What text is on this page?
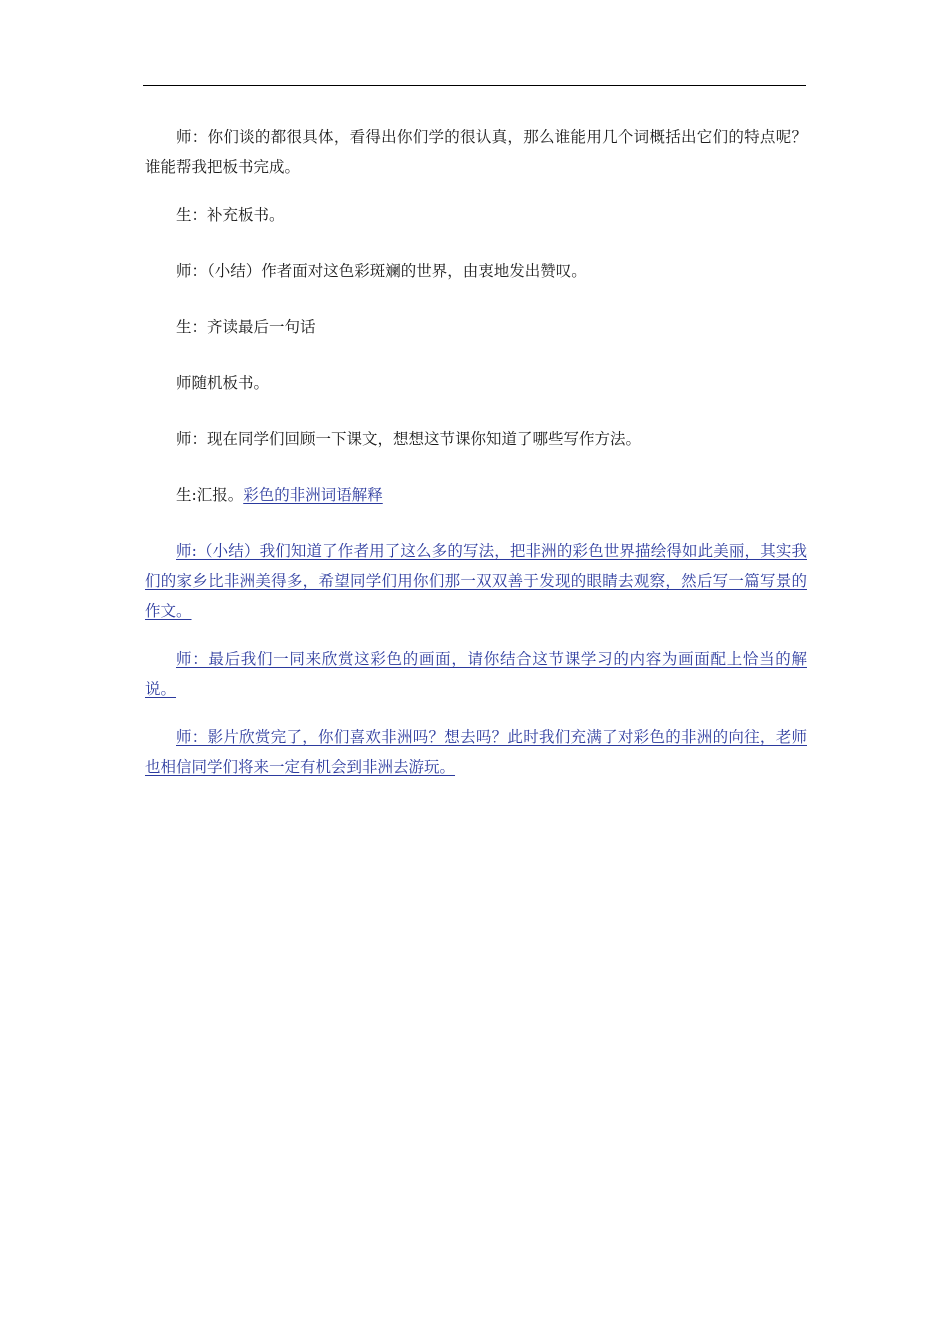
师：你们谈的都很具体，看得出你们学的很认真，那么谁能用几个词概括出它们的特点呢？谁能帮我把板书完成。

生：补充板书。

师：（小结）作者面对这色彩斑斓的世界，由衷地发出赞叹。

生：齐读最后一句话

师随机板书。

师：现在同学们回顾一下课文，想想这节课你知道了哪些写作方法。

生:汇报。彩色的非洲词语解释

师:（小结）我们知道了作者用了这么多的写法，把非洲的彩色世界描绘得如此美丽，其实我们的家乡比非洲美得多，希望同学们用你们那一双双善于发现的眼睛去观察，然后写一篇写景的作文。

师：最后我们一同来欣赏这彩色的画面，请你结合这节课学习的内容为画面配上恰当的解说。

师：影片欣赏完了，你们喜欢非洲吗？想去吗？此时我们充满了对彩色的非洲的向往，老师也相信同学们将来一定有机会到非洲去游玩。
